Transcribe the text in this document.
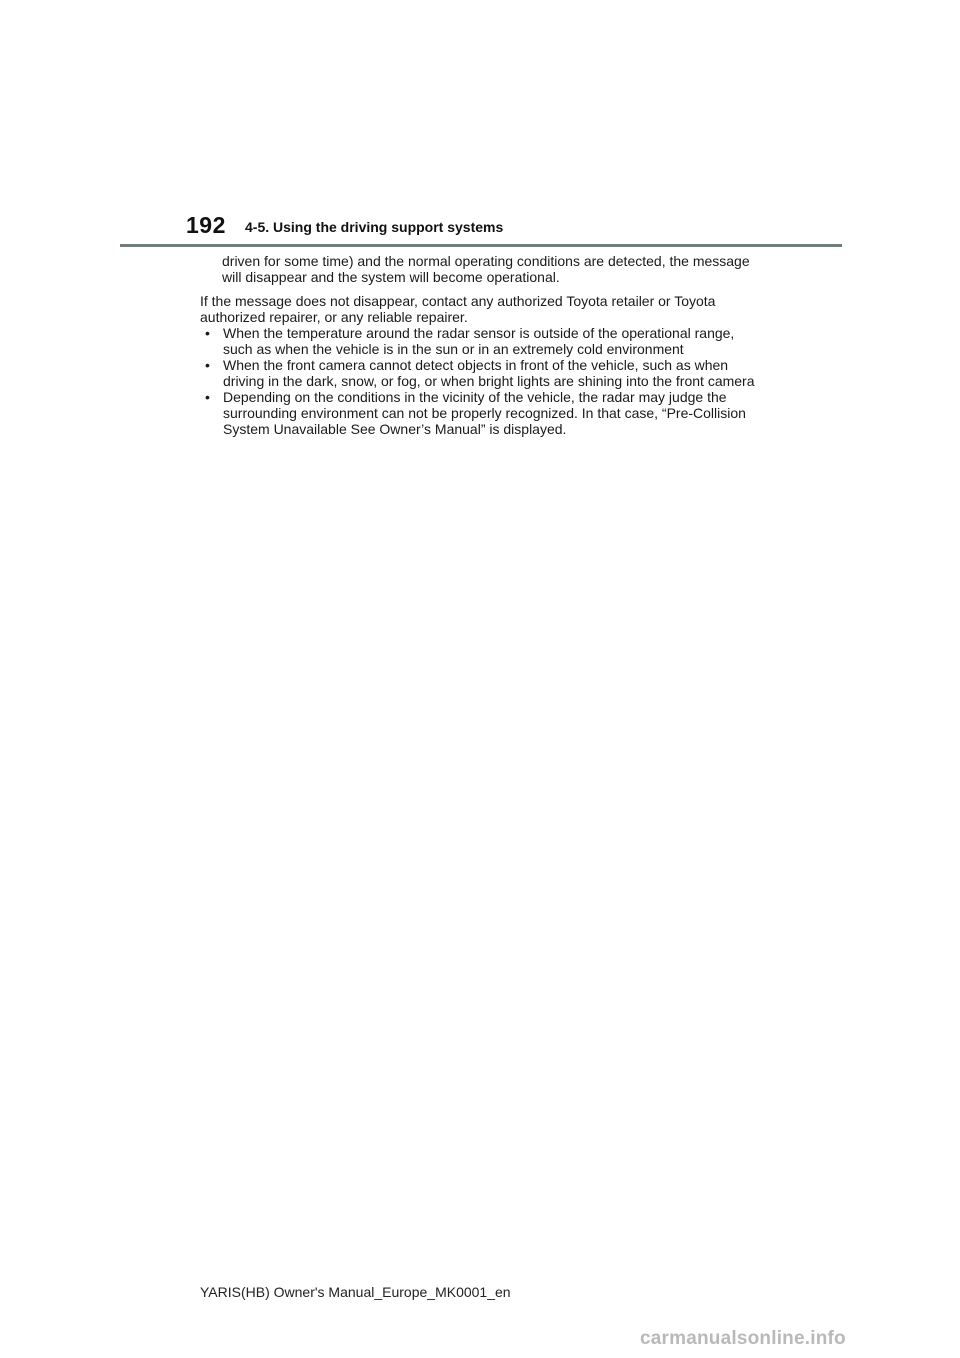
192 4-5. Using the driving support systems

driven for some time) and the normal operating conditions are detected, the message will disappear and the system will become operational.

If the message does not disappear, contact any authorized Toyota retailer or Toyota authorized repairer, or any reliable repairer.

• When the temperature around the radar sensor is outside of the operational range, such as when the vehicle is in the sun or in an extremely cold environment
• When the front camera cannot detect objects in front of the vehicle, such as when driving in the dark, snow, or fog, or when bright lights are shining into the front camera
• Depending on the conditions in the vicinity of the vehicle, the radar may judge the surrounding environment can not be properly recognized. In that case, “Pre-Collision System Unavailable See Owner’s Manual” is displayed.
YARIS(HB) Owner's Manual_Europe_MK0001_en
carmanualsonline.info
